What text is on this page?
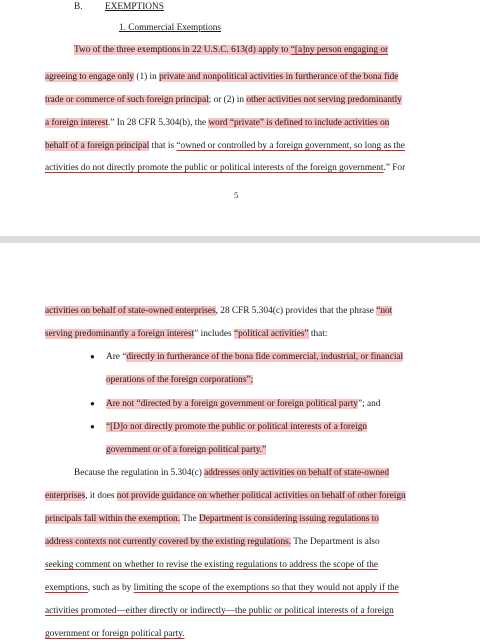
B. EXEMPTIONS
1. Commercial Exemptions
Two of the three exemptions in 22 U.S.C. 613(d) apply to “[a]ny person engaging or
agreeing to engage only (1) in private and nonpolitical activities in furtherance of the bona fide
trade or commerce of such foreign principal; or (2) in other activities not serving predominantly
a foreign interest.” In 28 CFR 5.304(b), the word “private” is defined to include activities on
behalf of a foreign principal that is “owned or controlled by a foreign government, so long as the
activities do not directly promote the public or political interests of the foreign government.” For
5
activities on behalf of state-owned enterprises, 28 CFR 5.304(c) provides that the phrase “not
serving predominantly a foreign interest” includes “political activities” that:
● Are “directly in furtherance of the bona fide commercial, industrial, or financial
operations of the foreign corporations”;
● Are not “directed by a foreign government or foreign political party”; and
● “[D]o not directly promote the public or political interests of a foreign
government or of a foreign political party.”
Because the regulation in 5.304(c) addresses only activities on behalf of state-owned
enterprises, it does not provide guidance on whether political activities on behalf of other foreign
principals fall within the exemption. The Department is considering issuing regulations to
address contexts not currently covered by the existing regulations. The Department is also
seeking comment on whether to revise the existing regulations to address the scope of the
exemptions, such as by limiting the scope of the exemptions so that they would not apply if the
activities promoted—either directly or indirectly—the public or political interests of a foreign
government or foreign political party.
